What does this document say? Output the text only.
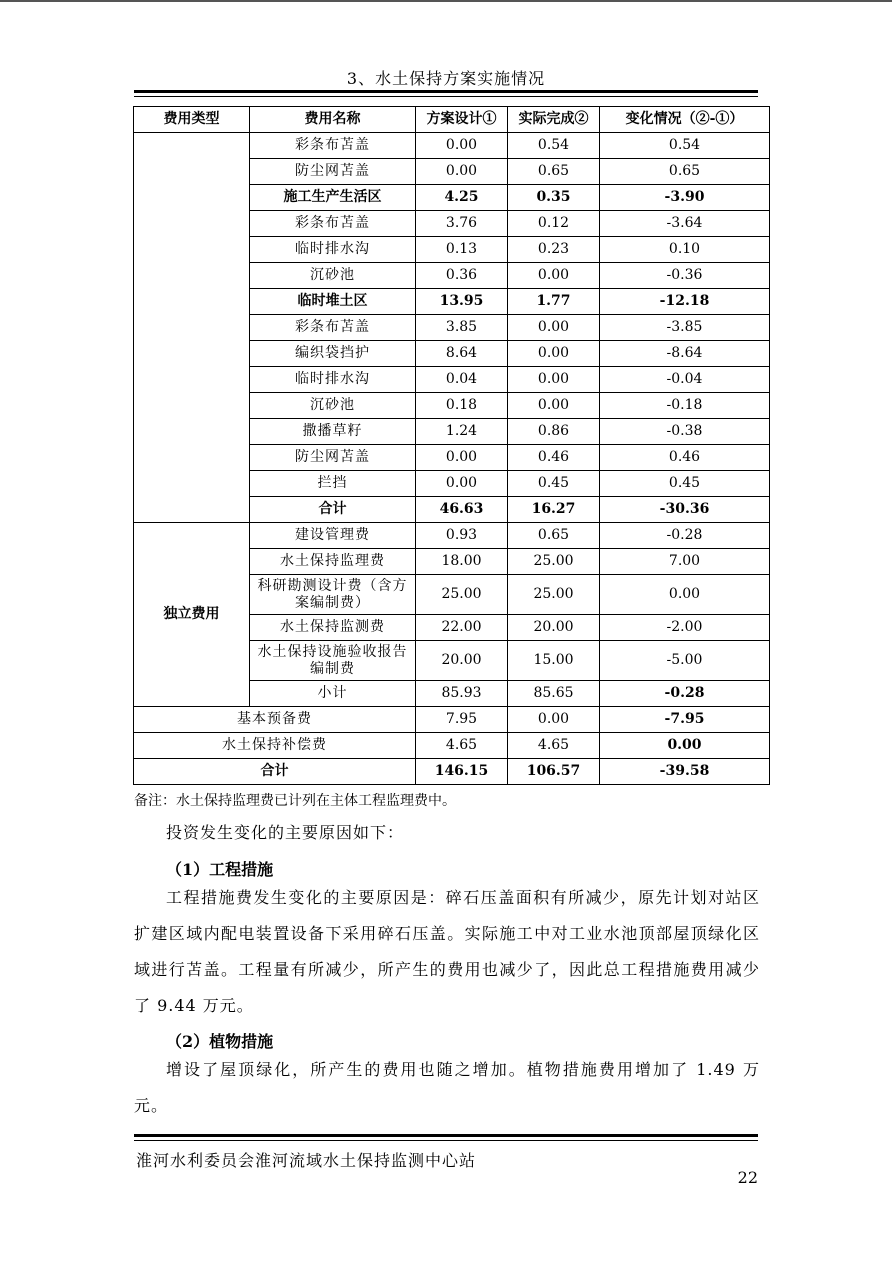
3、水土保持方案实施情况
费用类型	费用名称	方案设计①	实际完成②	变化情况（②-①）
	彩条布苫盖	0.00	0.54	0.54
	防尘网苫盖	0.00	0.65	0.65
	施工生产生活区	4.25	0.35	-3.90
	彩条布苫盖	3.76	0.12	-3.64
	临时排水沟	0.13	0.23	0.10
	沉砂池	0.36	0.00	-0.36
	临时堆土区	13.95	1.77	-12.18
	彩条布苫盖	3.85	0.00	-3.85
	编织袋挡护	8.64	0.00	-8.64
	临时排水沟	0.04	0.00	-0.04
	沉砂池	0.18	0.00	-0.18
	撒播草籽	1.24	0.86	-0.38
	防尘网苫盖	0.00	0.46	0.46
	拦挡	0.00	0.45	0.45
	合计	46.63	16.27	-30.36
独立费用	建设管理费	0.93	0.65	-0.28
	水土保持监理费	18.00	25.00	7.00
	科研勘测设计费（含方案编制费）	25.00	25.00	0.00
	水土保持监测费	22.00	20.00	-2.00
	水土保持设施验收报告编制费	20.00	15.00	-5.00
	小计	85.93	85.65	-0.28
基本预备费		7.95	0.00	-7.95
水土保持补偿费		4.65	4.65	0.00
合计		146.15	106.57	-39.58
备注：水土保持监理费已计列在主体工程监理费中。

投资发生变化的主要原因如下：

（1）工程措施

工程措施费发生变化的主要原因是：碎石压盖面积有所减少，原先计划对站区扩建区域内配电装置设备下采用碎石压盖。实际施工中对工业水池顶部屋顶绿化区域进行苫盖。工程量有所减少，所产生的费用也减少了，因此总工程措施费用减少了 9.44 万元。

（2）植物措施

增设了屋顶绿化，所产生的费用也随之增加。植物措施费用增加了 1.49 万元。

淮河水利委员会淮河流域水土保持监测中心站
22
